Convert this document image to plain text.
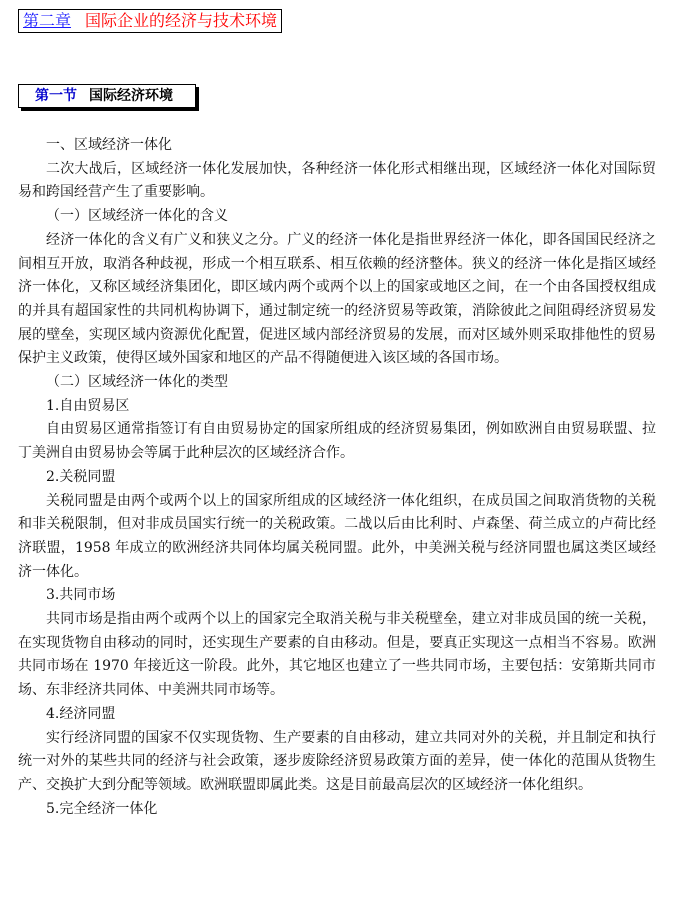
第二章 国际企业的经济与技术环境
第一节 国际经济环境

一、区域经济一体化

二次大战后，区域经济一体化发展加快，各种经济一体化形式相继出现，区域经济一体化对国际贸易和跨国经营产生了重要影响。

（一）区域经济一体化的含义

经济一体化的含义有广义和狭义之分。广义的经济一体化是指世界经济一体化，即各国国民经济之间相互开放，取消各种歧视，形成一个相互联系、相互依赖的经济整体。狭义的经济一体化是指区域经济一体化，又称区域经济集团化，即区域内两个或两个以上的国家或地区之间，在一个由各国授权组成的并具有超国家性的共同机构协调下，通过制定统一的经济贸易等政策，消除彼此之间阻碍经济贸易发展的壁垒，实现区域内资源优化配置，促进区域内部经济贸易的发展，而对区域外则采取排他性的贸易保护主义政策，使得区域外国家和地区的产品不得随便进入该区域的各国市场。

（二）区域经济一体化的类型

1.自由贸易区

自由贸易区通常指签订有自由贸易协定的国家所组成的经济贸易集团，例如欧洲自由贸易联盟、拉丁美洲自由贸易协会等属于此种层次的区域经济合作。

2.关税同盟

关税同盟是由两个或两个以上的国家所组成的区域经济一体化组织，在成员国之间取消货物的关税和非关税限制，但对非成员国实行统一的关税政策。二战以后由比利时、卢森堡、荷兰成立的卢荷比经济联盟，1958 年成立的欧洲经济共同体均属关税同盟。此外，中美洲关税与经济同盟也属这类区域经济一体化。

3.共同市场

共同市场是指由两个或两个以上的国家完全取消关税与非关税壁垒，建立对非成员国的统一关税，在实现货物自由移动的同时，还实现生产要素的自由移动。但是，要真正实现这一点相当不容易。欧洲共同市场在 1970 年接近这一阶段。此外，其它地区也建立了一些共同市场，主要包括：安第斯共同市场、东非经济共同体、中美洲共同市场等。

4.经济同盟

实行经济同盟的国家不仅实现货物、生产要素的自由移动，建立共同对外的关税，并且制定和执行统一对外的某些共同的经济与社会政策，逐步废除经济贸易政策方面的差异，使一体化的范围从货物生产、交换扩大到分配等领域。欧洲联盟即属此类。这是目前最高层次的区域经济一体化组织。

5.完全经济一体化
